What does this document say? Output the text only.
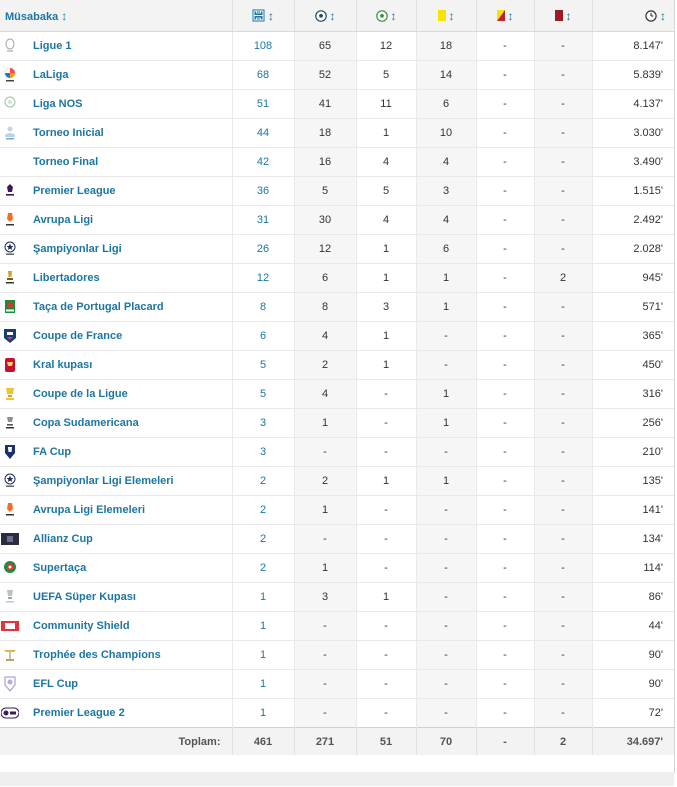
Müsabaka ↕	↕	↕	↕	↕	↕	↕	↕

Ligue 1	108	65	12	18	-	-	8.147'

LaLiga	68	52	5	14	-	-	5.839'

Liga NOS	51	41	11	6	-	-	4.137'

Torneo Inicial	44	18	1	10	-	-	3.030'

Torneo Final	42	16	4	4	-	-	3.490'

Premier League	36	5	5	3	-	-	1.515'

Avrupa Ligi	31	30	4	4	-	-	2.492'

Şampiyonlar Ligi	26	12	1	6	-	-	2.028'

Libertadores	12	6	1	1	-	2	945'

Taça de Portugal Placard	8	8	3	1	-	-	571'

Coupe de France	6	4	1	-	-	-	365'

Kral kupası	5	2	1	-	-	-	450'

Coupe de la Ligue	5	4	-	1	-	-	316'

Copa Sudamericana	3	1	-	1	-	-	256'

FA Cup	3	-	-	-	-	-	210'

Şampiyonlar Ligi Elemeleri	2	2	1	1	-	-	135'

Avrupa Ligi Elemeleri	2	1	-	-	-	-	141'

Allianz Cup	2	-	-	-	-	-	134'

Supertaça	2	1	-	-	-	-	114'

UEFA Süper Kupası	1	3	1	-	-	-	86'

Community Shield	1	-	-	-	-	-	44'

Trophée des Champions	1	-	-	-	-	-	90'

EFL Cup	1	-	-	-	-	-	90'

Premier League 2	1	-	-	-	-	-	72'
Toplam:	461	271	51	70	-	2	34.697'
